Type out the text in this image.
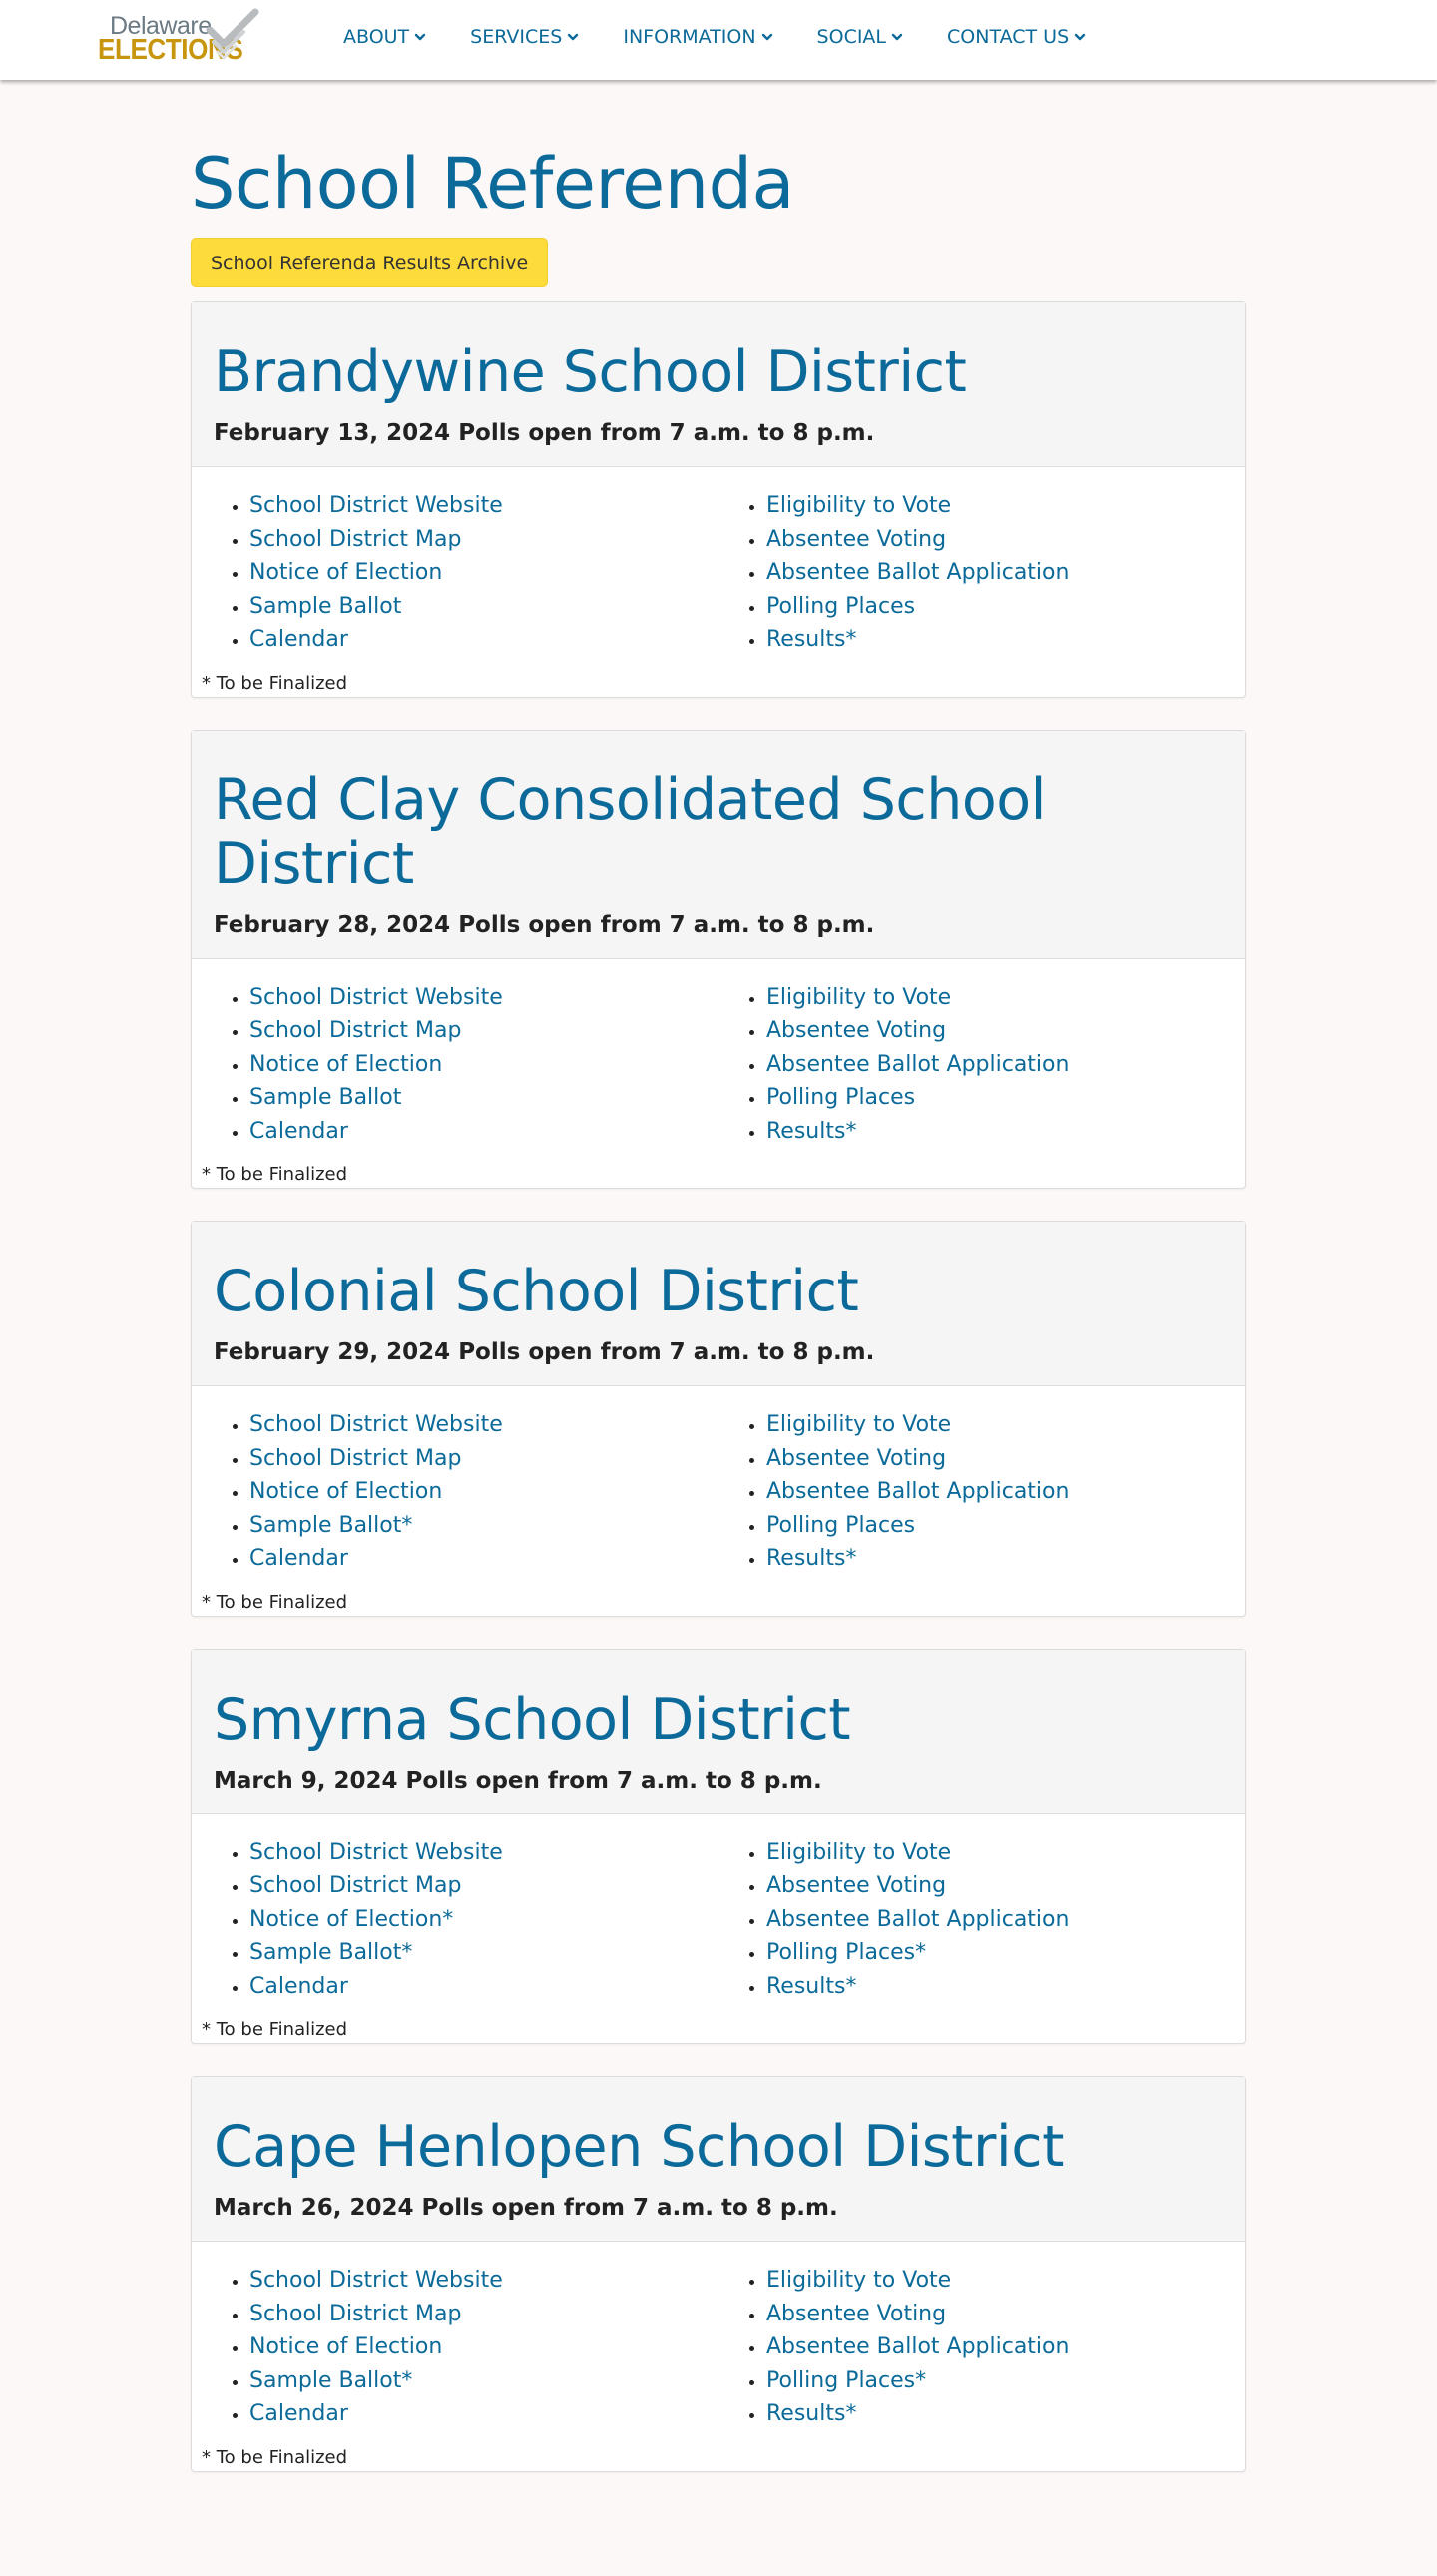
Delaware
ELECTIONS	ABOUT	SERVICES	INFORMATION	SOCIAL	CONTACT US
School Referenda
School Referenda Results Archive
Brandywine School District
February 13, 2024 Polls open from 7 a.m. to 8 p.m.
• School District Website
• School District Map
• Notice of Election
• Sample Ballot
• Calendar
• Eligibility to Vote
• Absentee Voting
• Absentee Ballot Application
• Polling Places
• Results*
* To be Finalized
Red Clay Consolidated School District
February 28, 2024 Polls open from 7 a.m. to 8 p.m.
• School District Website
• School District Map
• Notice of Election
• Sample Ballot
• Calendar
• Eligibility to Vote
• Absentee Voting
• Absentee Ballot Application
• Polling Places
• Results*
* To be Finalized
Colonial School District
February 29, 2024 Polls open from 7 a.m. to 8 p.m.
• School District Website
• School District Map
• Notice of Election
• Sample Ballot*
• Calendar
• Eligibility to Vote
• Absentee Voting
• Absentee Ballot Application
• Polling Places
• Results*
* To be Finalized
Smyrna School District
March 9, 2024 Polls open from 7 a.m. to 8 p.m.
• School District Website
• School District Map
• Notice of Election*
• Sample Ballot*
• Calendar
• Eligibility to Vote
• Absentee Voting
• Absentee Ballot Application
• Polling Places*
• Results*
* To be Finalized
Cape Henlopen School District
March 26, 2024 Polls open from 7 a.m. to 8 p.m.
• School District Website
• School District Map
• Notice of Election
• Sample Ballot*
• Calendar
• Eligibility to Vote
• Absentee Voting
• Absentee Ballot Application
• Polling Places*
• Results*
* To be Finalized
